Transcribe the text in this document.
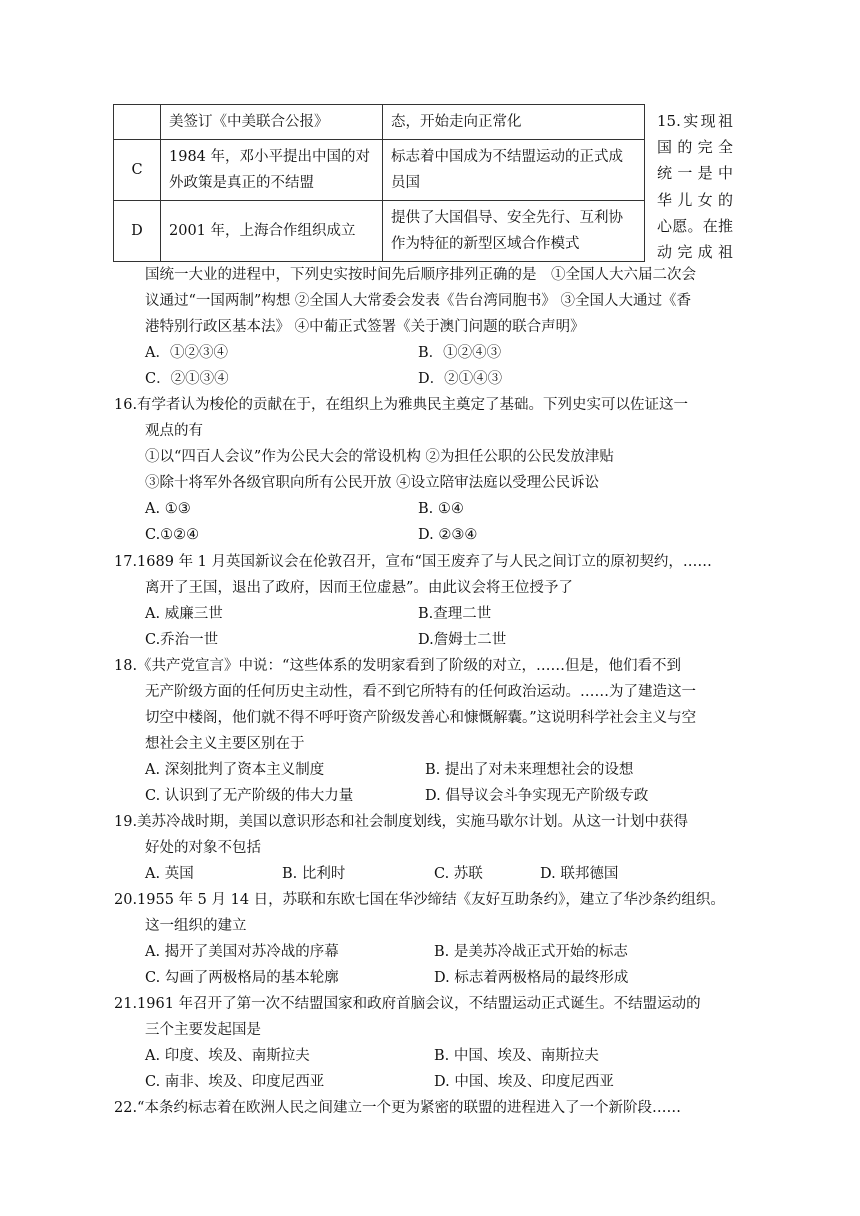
	美签订《中美联合公报》	态，开始走向正常化
C	1984 年，邓小平提出中国的对外政策是真正的不结盟	标志着中国成为不结盟运动的正式成员国
D	2001 年，上海合作组织成立	提供了大国倡导、安全先行、互利协作为特征的新型区域合作模式
15.实现祖
国的完全
统一是中
华儿女的
心愿。在推
动完成祖
国统一大业的进程中，下列史实按时间先后顺序排列正确的是　①全国人大六届二次会
议通过“一国两制”构想 ②全国人大常委会发表《告台湾同胞书》 ③全国人大通过《香
港特别行政区基本法》 ④中葡正式签署《关于澳门问题的联合声明》
A．①②③④	B．①②④③
C．②①③④	D．②①④③
16.有学者认为梭伦的贡献在于，在组织上为雅典民主奠定了基础。下列史实可以佐证这一
观点的有
①以“四百人会议”作为公民大会的常设机构 ②为担任公职的公民发放津贴
③除十将军外各级官职向所有公民开放 ④设立陪审法庭以受理公民诉讼
A. ①③	B. ①④
C.①②④	D. ②③④
17.1689 年 1 月英国新议会在伦敦召开，宣布“国王废弃了与人民之间订立的原初契约，……
离开了王国，退出了政府，因而王位虚悬”。由此议会将王位授予了
A. 威廉三世	B.查理二世
C.乔治一世	D.詹姆士二世
18.《共产党宣言》中说：“这些体系的发明家看到了阶级的对立，……但是，他们看不到
无产阶级方面的任何历史主动性，看不到它所特有的任何政治运动。……为了建造这一
切空中楼阁，他们就不得不呼吁资产阶级发善心和慷慨解囊。”这说明科学社会主义与空
想社会主义主要区别在于
A. 深刻批判了资本主义制度	B. 提出了对未来理想社会的设想
C. 认识到了无产阶级的伟大力量	D. 倡导议会斗争实现无产阶级专政
19.美苏冷战时期，美国以意识形态和社会制度划线，实施马歇尔计划。从这一计划中获得
好处的对象不包括
A. 英国	B. 比利时	C. 苏联	D. 联邦德国
20.1955 年 5 月 14 日，苏联和东欧七国在华沙缔结《友好互助条约》，建立了华沙条约组织。
这一组织的建立
A. 揭开了美国对苏冷战的序幕	B. 是美苏冷战正式开始的标志
C. 勾画了两极格局的基本轮廓	D. 标志着两极格局的最终形成
21.1961 年召开了第一次不结盟国家和政府首脑会议，不结盟运动正式诞生。不结盟运动的
三个主要发起国是
A. 印度、埃及、南斯拉夫	B. 中国、埃及、南斯拉夫
C. 南非、埃及、印度尼西亚	D. 中国、埃及、印度尼西亚
22.“本条约标志着在欧洲人民之间建立一个更为紧密的联盟的进程进入了一个新阶段……
